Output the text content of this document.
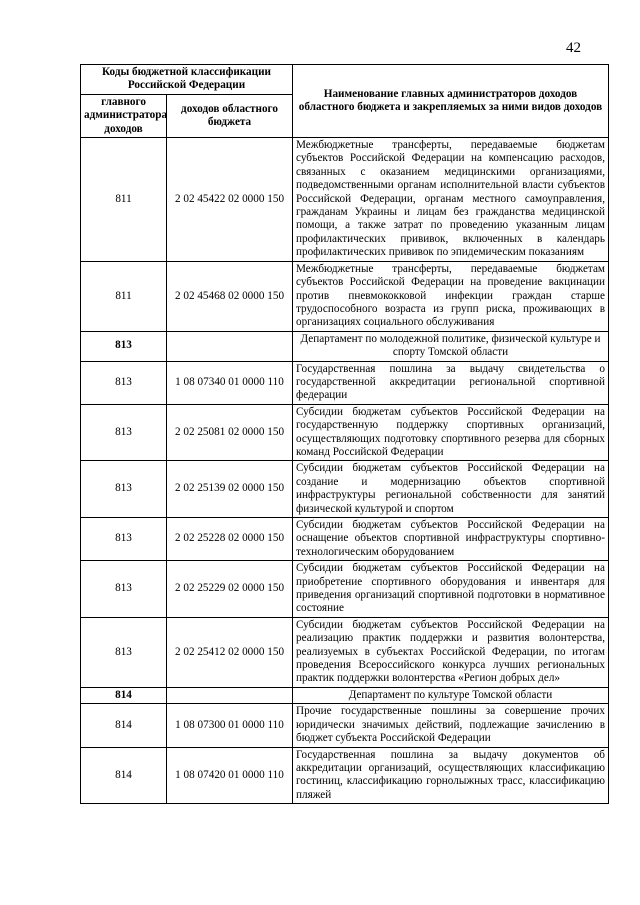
42
Коды бюджетной классификации Российской Федерации		Наименование главных администраторов доходов областного бюджета и закрепляемых за ними видов доходов
главного администратора доходов	доходов областного бюджета	
811	2 02 45422 02 0000 150	Межбюджетные трансферты, передаваемые бюджетам субъектов Российской Федерации на компенсацию расходов, связанных с оказанием медицинскими организациями, подведомственными органам исполнительной власти субъектов Российской Федерации, органам местного самоуправления, гражданам Украины и лицам без гражданства медицинской помощи, а также затрат по проведению указанным лицам профилактических прививок, включенных в календарь профилактических прививок по эпидемическим показаниям
811	2 02 45468 02 0000 150	Межбюджетные трансферты, передаваемые бюджетам субъектов Российской Федерации на проведение вакцинации против пневмококковой инфекции граждан старше трудоспособного возраста из групп риска, проживающих в организациях социального обслуживания
813		Департамент по молодежной политике, физической культуре и спорту Томской области
813	1 08 07340 01 0000 110	Государственная пошлина за выдачу свидетельства о государственной аккредитации региональной спортивной федерации
813	2 02 25081 02 0000 150	Субсидии бюджетам субъектов Российской Федерации на государственную поддержку спортивных организаций, осуществляющих подготовку спортивного резерва для сборных команд Российской Федерации
813	2 02 25139 02 0000 150	Субсидии бюджетам субъектов Российской Федерации на создание и модернизацию объектов спортивной инфраструктуры региональной собственности для занятий физической культурой и спортом
813	2 02 25228 02 0000 150	Субсидии бюджетам субъектов Российской Федерации на оснащение объектов спортивной инфраструктуры спортивно-технологическим оборудованием
813	2 02 25229 02 0000 150	Субсидии бюджетам субъектов Российской Федерации на приобретение спортивного оборудования и инвентаря для приведения организаций спортивной подготовки в нормативное состояние
813	2 02 25412 02 0000 150	Субсидии бюджетам субъектов Российской Федерации на реализацию практик поддержки и развития волонтерства, реализуемых в субъектах Российской Федерации, по итогам проведения Всероссийского конкурса лучших региональных практик поддержки волонтерства «Регион добрых дел»
814		Департамент по культуре Томской области
814	1 08 07300 01 0000 110	Прочие государственные пошлины за совершение прочих юридически значимых действий, подлежащие зачислению в бюджет субъекта Российской Федерации
814	1 08 07420 01 0000 110	Государственная пошлина за выдачу документов об аккредитации организаций, осуществляющих классификацию гостиниц, классификацию горнолыжных трасс, классификацию пляжей
